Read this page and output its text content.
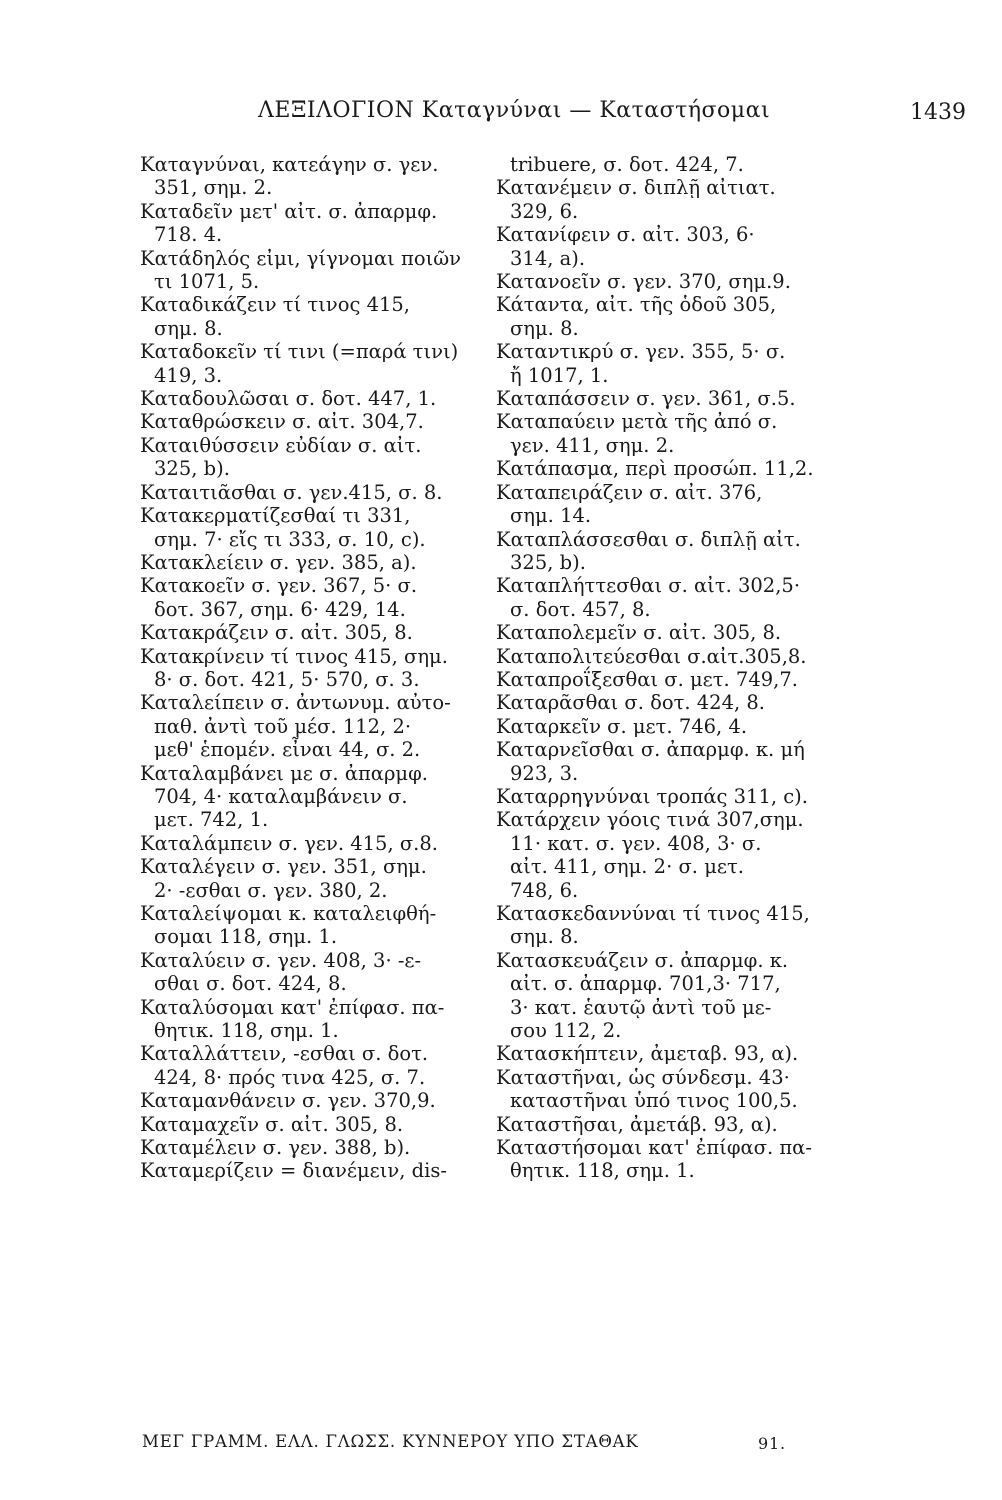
ΛΕΞΙΛΟΓΙΟΝ Καταγνύναι — Καταστήσομαι	1439

Καταγνύναι, κατεάγην σ. γεν.

351, σημ. 2.

Καταδεῖν μετ' αἰτ. σ. ἀπαρμφ.

718. 4.

Κατάδηλός εἰμι, γίγνομαι ποιῶν

τι 1071, 5.

Καταδικάζειν τί τινος 415,

σημ. 8.

Καταδοκεῖν τί τινι (=παρά τινι)

419, 3.

Καταδουλῶσαι σ. δοτ. 447, 1.

Καταθρώσκειν σ. αἰτ. 304,7.

Καταιθύσσειν εὐδίαν σ. αἰτ.

325, b).

Καταιτιᾶσθαι σ. γεν.415, σ. 8.

Κατακερματίζεσθαί τι 331,

σημ. 7· εἴς τι 333, σ. 10, c).

Κατακλείειν σ. γεν. 385, a).

Κατακοεῖν σ. γεν. 367, 5· σ.

δοτ. 367, σημ. 6· 429, 14.

Κατακράζειν σ. αἰτ. 305, 8.

Κατακρίνειν τί τινος 415, σημ.

8· σ. δοτ. 421, 5· 570, σ. 3.

Καταλείπειν σ. ἀντωνυμ. αὐτο-

παθ. ἀντὶ τοῦ μέσ. 112, 2·

μεθ' ἑπομέν. εἶναι 44, σ. 2.

Καταλαμβάνει με σ. ἀπαρμφ.

704, 4· καταλαμβάνειν σ.

μετ. 742, 1.

Καταλάμπειν σ. γεν. 415, σ.8.

Καταλέγειν σ. γεν. 351, σημ.

2· -εσθαι σ. γεν. 380, 2.

Καταλείψομαι κ. καταλειφθή-

σομαι 118, σημ. 1.

Καταλύειν σ. γεν. 408, 3· -ε-

σθαι σ. δοτ. 424, 8.

Καταλύσομαι κατ' ἐπίφασ. πα-

θητικ. 118, σημ. 1.

Καταλλάττειν, -εσθαι σ. δοτ.

424, 8· πρός τινα 425, σ. 7.

Καταμανθάνειν σ. γεν. 370,9.

Καταμαχεῖν σ. αἰτ. 305, 8.

Καταμέλειν σ. γεν. 388, b).

Καταμερίζειν = διανέμειν, dis-

tribuere, σ. δοτ. 424, 7.

Κατανέμειν σ. διπλῇ αἰτιατ.

329, 6.

Κατανίφειν σ. αἰτ. 303, 6·

314, a).

Κατανοεῖν σ. γεν. 370, σημ.9.

Κάταντα, αἰτ. τῆς ὁδοῦ 305,

σημ. 8.

Καταντικρύ σ. γεν. 355, 5· σ.

ἤ 1017, 1.

Καταπάσσειν σ. γεν. 361, σ.5.

Καταπαύειν μετὰ τῆς ἀπό σ.

γεν. 411, σημ. 2.

Κατάπασμα, περὶ προσώπ. 11,2.

Καταπειράζειν σ. αἰτ. 376,

σημ. 14.

Καταπλάσσεσθαι σ. διπλῇ αἰτ.

325, b).

Καταπλήττεσθαι σ. αἰτ. 302,5·

σ. δοτ. 457, 8.

Καταπολεμεῖν σ. αἰτ. 305, 8.

Καταπολιτεύεσθαι σ.αἰτ.305,8.

Καταπροΐξεσθαι σ. μετ. 749,7.

Καταρᾶσθαι σ. δοτ. 424, 8.

Καταρκεῖν σ. μετ. 746, 4.

Καταρνεῖσθαι σ. ἀπαρμφ. κ. μή

923, 3.

Καταρρηγνύναι τροπάς 311, c).

Κατάρχειν γόοις τινά 307,σημ.

11· κατ. σ. γεν. 408, 3· σ.

αἰτ. 411, σημ. 2· σ. μετ.

748, 6.

Κατασκεδαννύναι τί τινος 415,

σημ. 8.

Κατασκευάζειν σ. ἀπαρμφ. κ.

αἰτ. σ. ἀπαρμφ. 701,3· 717,

3· κατ. ἑαυτῷ ἀντὶ τοῦ με-

σου 112, 2.

Κατασκήπτειν, ἀμεταβ. 93, α).

Καταστῆναι, ὡς σύνδεσμ. 43·

καταστῆναι ὑπό τινος 100,5.

Καταστῆσαι, ἀμετάβ. 93, α).

Καταστήσομαι κατ' ἐπίφασ. πα-

θητικ. 118, σημ. 1.

ΜΕΓ ΓΡΑΜΜ. ΕΛΛ. ΓΛΩΣΣ. ΚΥΝΝΕΡΟΥ ΥΠΟ ΣΤΑΘΑΚ	91.
